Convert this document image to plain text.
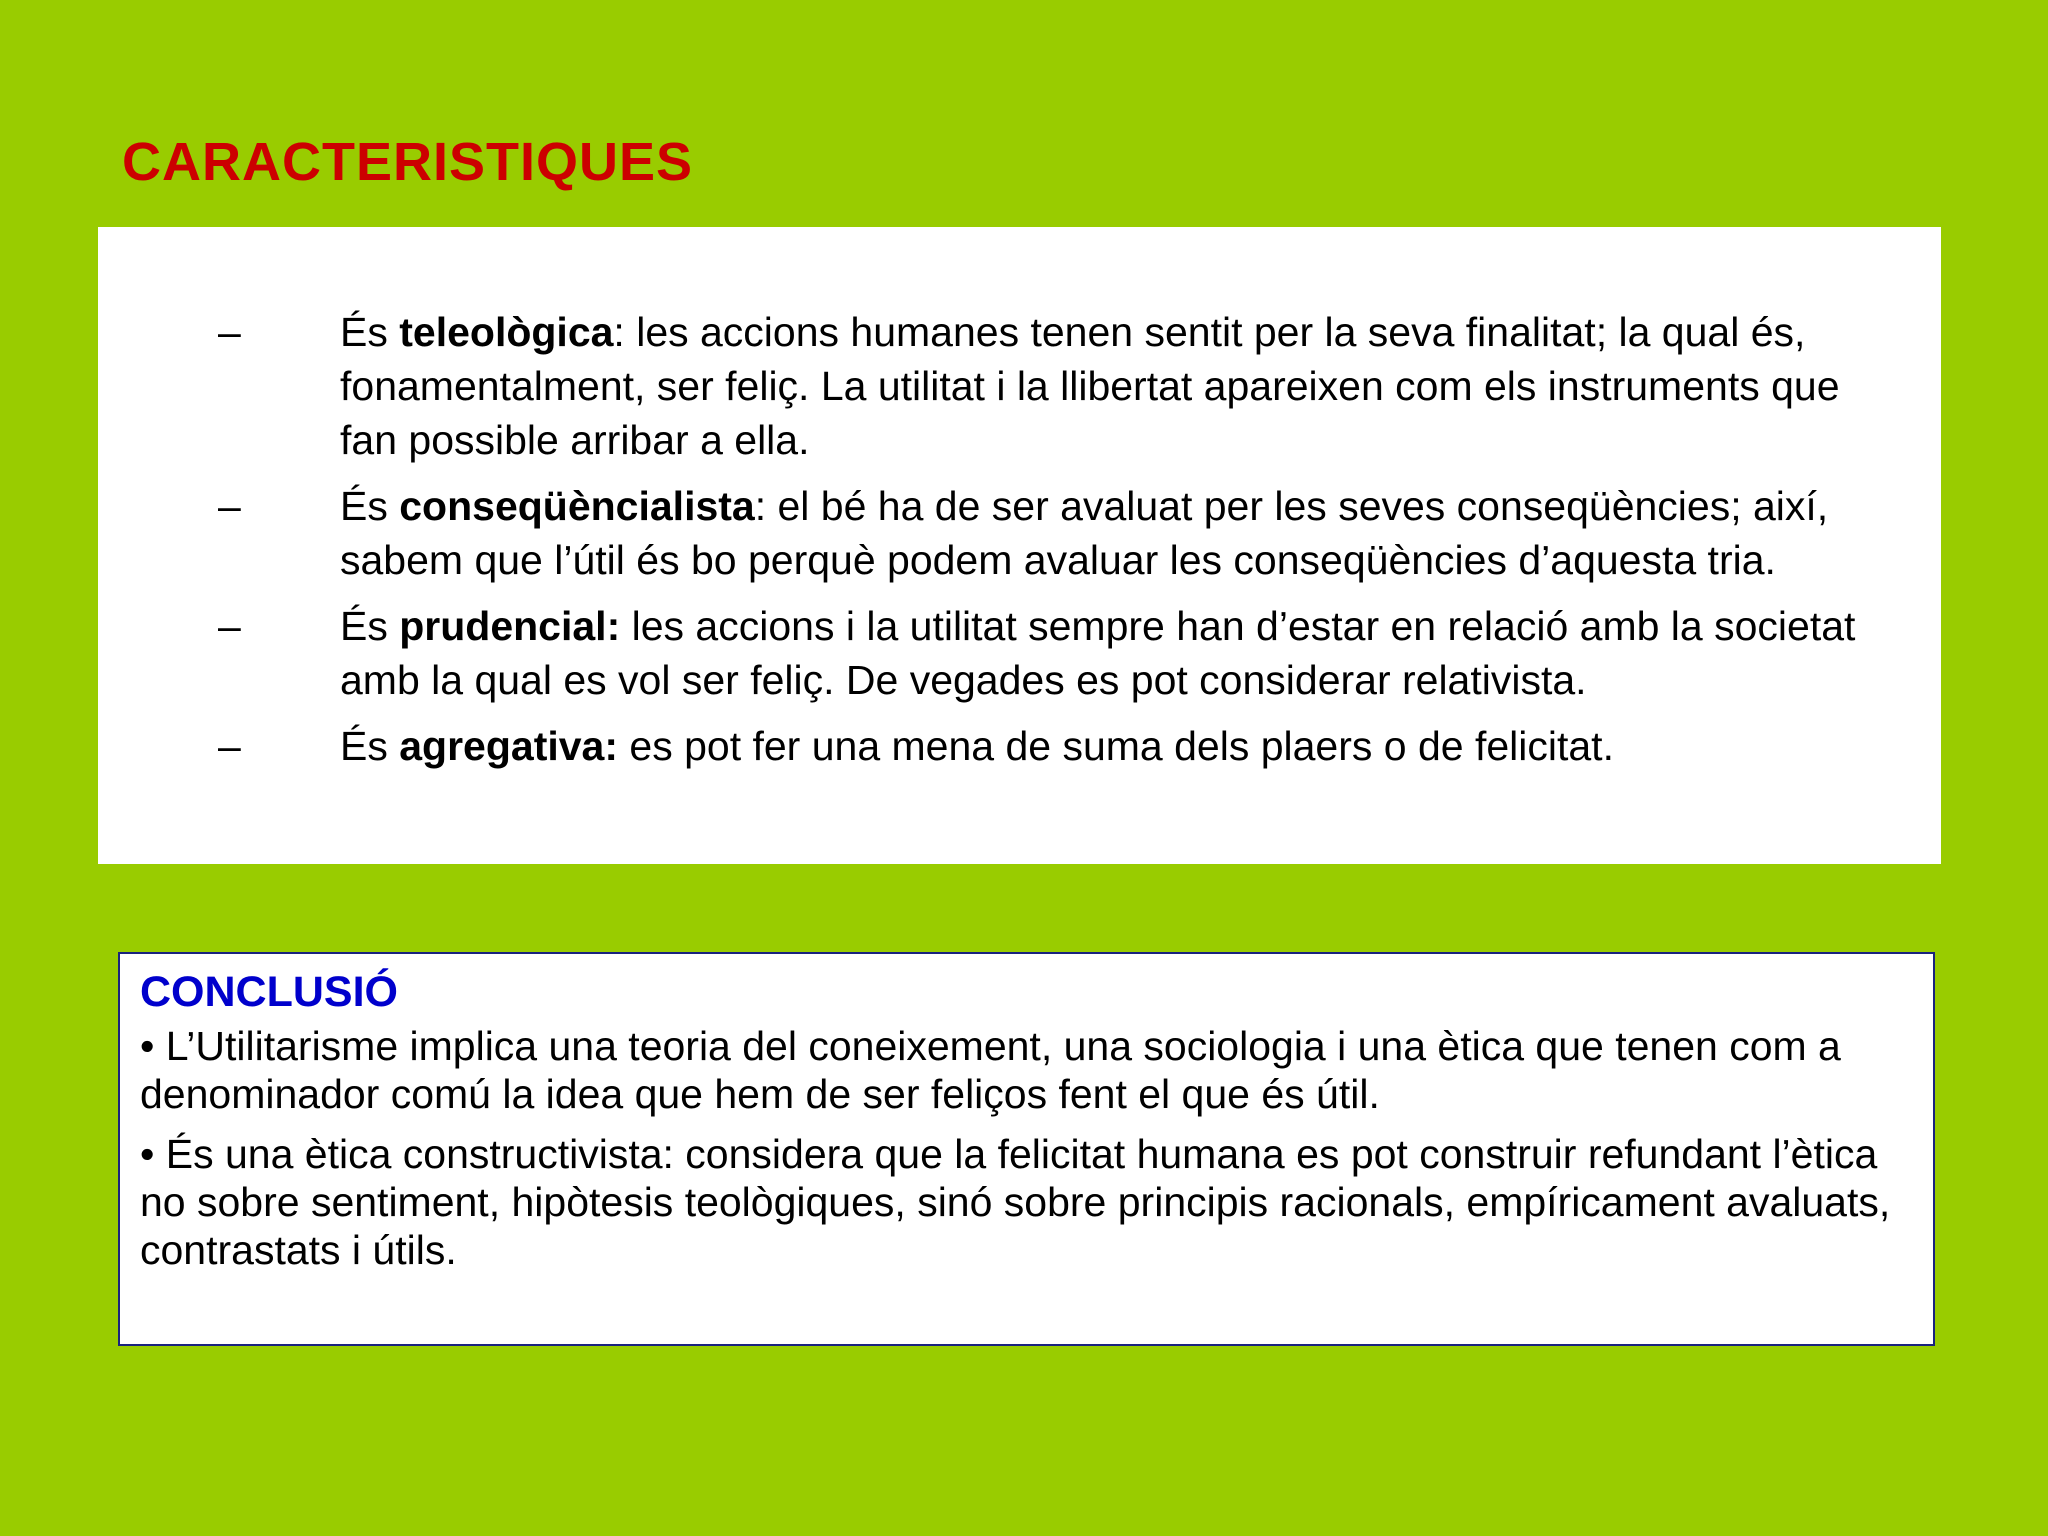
CARACTERISTIQUES
– És teleològica: les accions humanes tenen sentit per la seva finalitat; la qual és, fonamentalment, ser feliç. La utilitat i la llibertat apareixen com els instruments que fan possible arribar a ella.
– És conseqüèncialista: el bé ha de ser avaluat per les seves conseqüències; així, sabem que l’útil és bo perquè podem avaluar les conseqüències d’aquesta tria.
– És prudencial: les accions i la utilitat sempre han d’estar en relació amb la societat amb la qual es vol ser feliç. De vegades es pot considerar relativista.
– És agregativa: es pot fer una mena de suma dels plaers o de felicitat.
CONCLUSIÓ

• L’Utilitarisme implica una teoria del coneixement, una sociologia i una ètica que tenen com a denominador comú la idea que hem de ser feliços fent el que és útil.

• És una ètica constructivista: considera que la felicitat humana es pot construir refundant l’ètica no sobre sentiment, hipòtesis teològiques, sinó sobre principis racionals, empíricament avaluats, contrastats i útils.
